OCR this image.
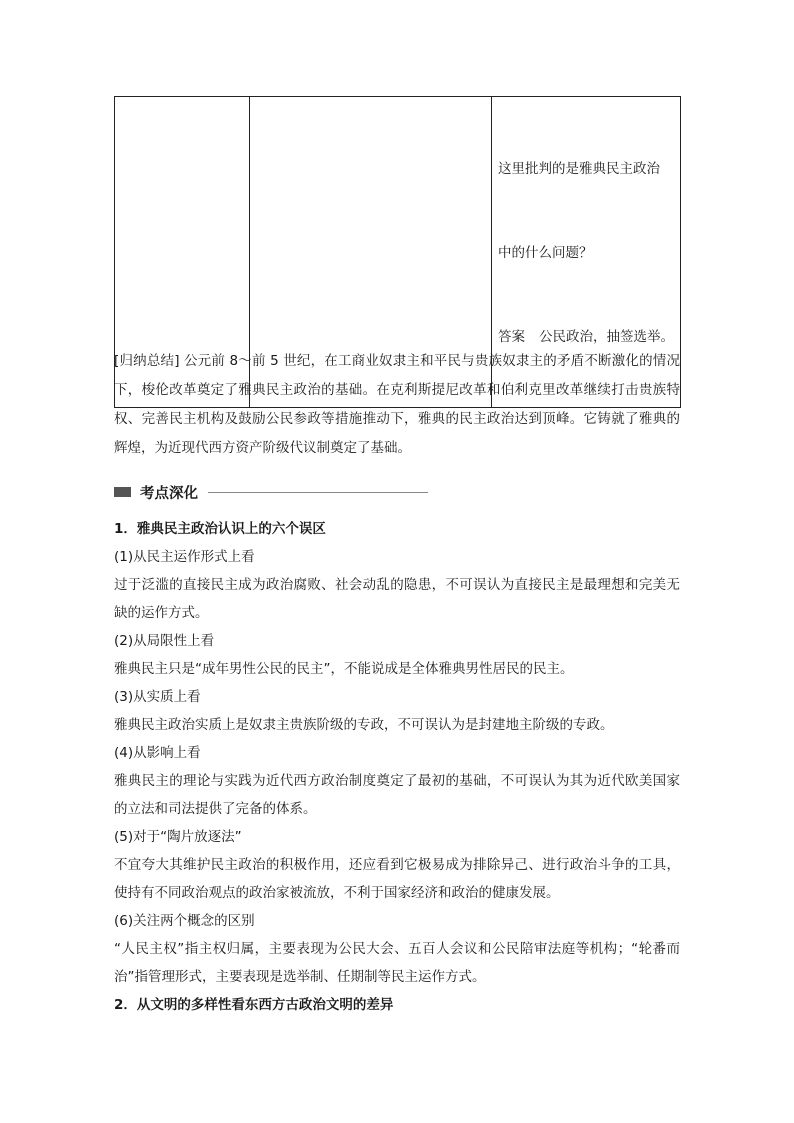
这里批判的是雅典民主政治

中的什么问题？

答案 公民政治，抽签选举。

[归纳总结] 公元前 8～前 5 世纪，在工商业奴隶主和平民与贵族奴隶主的矛盾不断激化的情况下，梭伦改革奠定了雅典民主政治的基础。在克利斯提尼改革和伯利克里改革继续打击贵族特权、完善民主机构及鼓励公民参政等措施推动下，雅典的民主政治达到顶峰。它铸就了雅典的辉煌，为近现代西方资产阶级代议制奠定了基础。
考点深化
1．雅典民主政治认识上的六个误区
(1)从民主运作形式上看
过于泛滥的直接民主成为政治腐败、社会动乱的隐患，不可误认为直接民主是最理想和完美无缺的运作方式。
(2)从局限性上看
雅典民主只是“成年男性公民的民主”，不能说成是全体雅典男性居民的民主。
(3)从实质上看
雅典民主政治实质上是奴隶主贵族阶级的专政，不可误认为是封建地主阶级的专政。
(4)从影响上看
雅典民主的理论与实践为近代西方政治制度奠定了最初的基础，不可误认为其为近代欧美国家的立法和司法提供了完备的体系。
(5)对于“陶片放逐法”
不宜夸大其维护民主政治的积极作用，还应看到它极易成为排除异己、进行政治斗争的工具，使持有不同政治观点的政治家被流放，不利于国家经济和政治的健康发展。
(6)关注两个概念的区别
“人民主权”指主权归属，主要表现为公民大会、五百人会议和公民陪审法庭等机构；“轮番而治”指管理形式，主要表现是选举制、任期制等民主运作方式。
2．从文明的多样性看东西方古政治文明的差异
